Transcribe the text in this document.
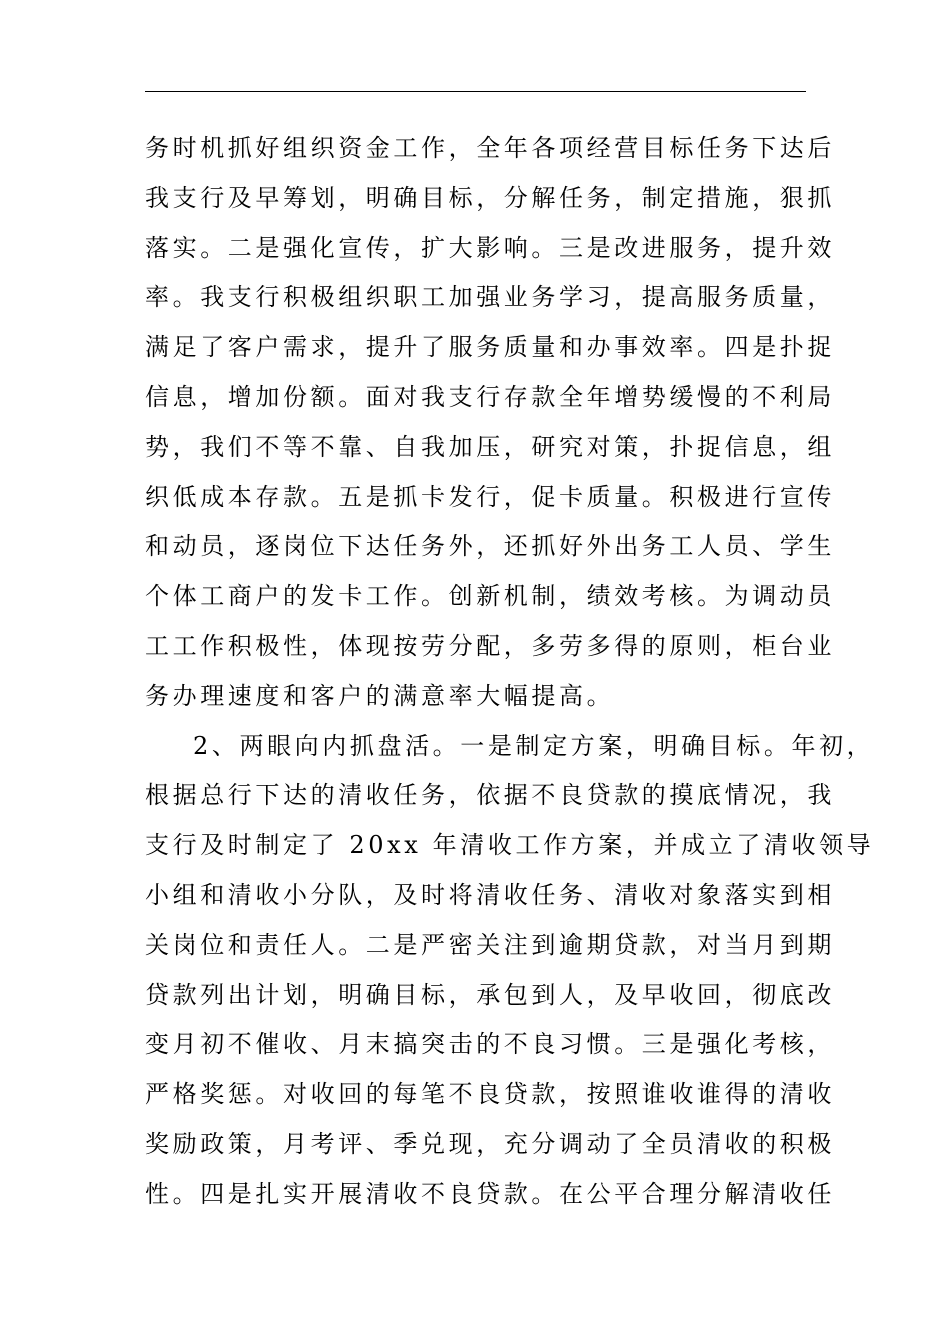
务时机抓好组织资金工作，全年各项经营目标任务下达后
我支行及早筹划，明确目标，分解任务，制定措施，狠抓
落实。二是强化宣传，扩大影响。三是改进服务，提升效
率。我支行积极组织职工加强业务学习，提高服务质量，
满足了客户需求，提升了服务质量和办事效率。四是扑捉
信息，增加份额。面对我支行存款全年增势缓慢的不利局
势，我们不等不靠、自我加压，研究对策，扑捉信息，组
织低成本存款。五是抓卡发行，促卡质量。积极进行宣传
和动员，逐岗位下达任务外，还抓好外出务工人员、学生
个体工商户的发卡工作。创新机制，绩效考核。为调动员
工工作积极性，体现按劳分配，多劳多得的原则，柜台业
务办理速度和客户的满意率大幅提高。
2、两眼向内抓盘活。一是制定方案，明确目标。年初，
根据总行下达的清收任务，依据不良贷款的摸底情况，我
支行及时制定了 20xx 年清收工作方案，并成立了清收领导
小组和清收小分队，及时将清收任务、清收对象落实到相
关岗位和责任人。二是严密关注到逾期贷款，对当月到期
贷款列出计划，明确目标，承包到人，及早收回，彻底改
变月初不催收、月末搞突击的不良习惯。三是强化考核，
严格奖惩。对收回的每笔不良贷款，按照谁收谁得的清收
奖励政策，月考评、季兑现，充分调动了全员清收的积极
性。四是扎实开展清收不良贷款。在公平合理分解清收任
